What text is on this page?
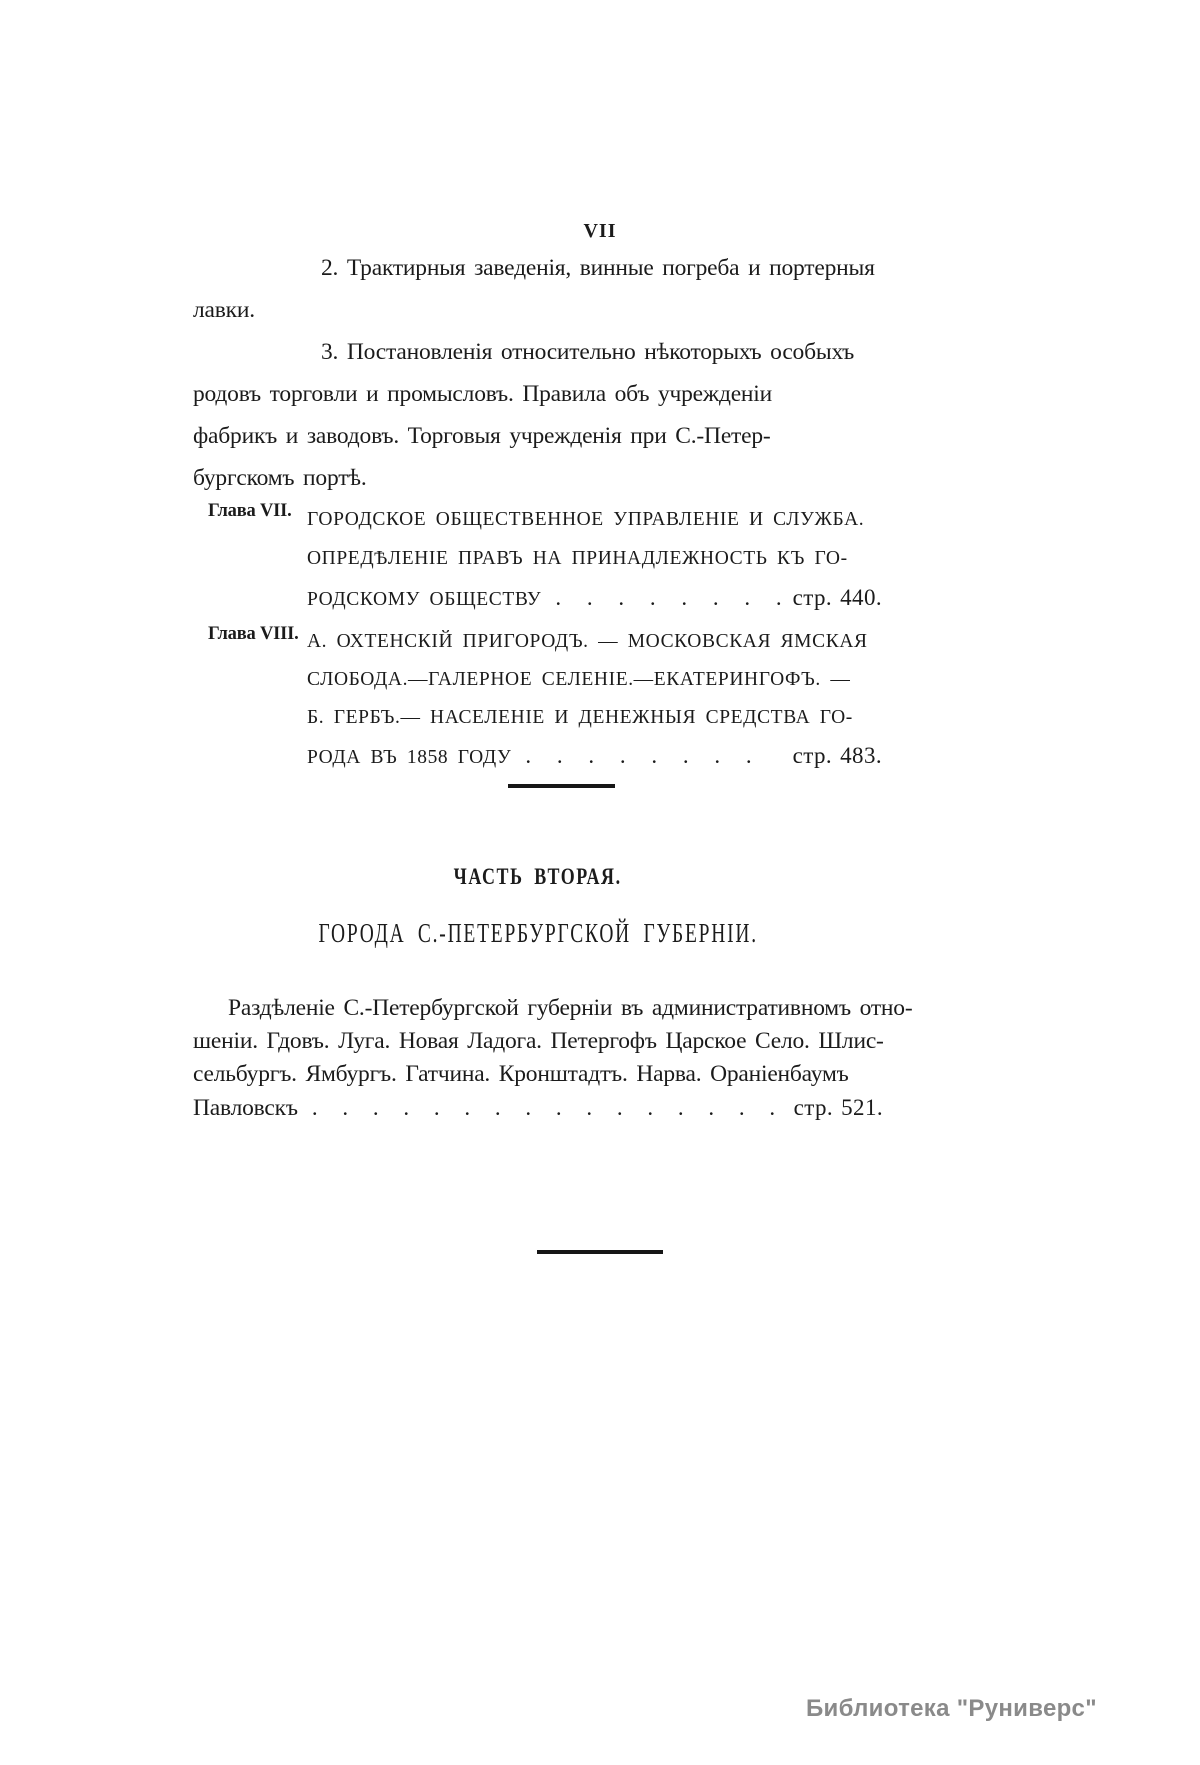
VII
2. Трактирныя заведенія, винные погреба и портерныя
лавки.
3. Постановленія относительно нѣкоторыхъ особыхъ
родовъ торговли и промысловъ. Правила объ учрежденіи
фабрикъ и заводовъ. Торговыя учрежденія при С.-Петер-
бургскомъ портѣ.
Глава VII. ГОРОДСКОЕ ОБЩЕСТВЕННОЕ УПРАВЛЕНІЕ И СЛУЖБА.
ОПРЕДѢЛЕНІЕ ПРАВЪ НА ПРИНАДЛЕЖНОСТЬ КЪ ГО-
РОДСКОМУ ОБЩЕСТВУ . . . . . . . . стр. 440.
Глава VIII. А. ОХТЕНСКІЙ ПРИГОРОДЪ. — МОСКОВСКАЯ ЯМСКАЯ
СЛОБОДА.—ГАЛЕРНОЕ СЕЛЕНІЕ.—ЕКАТЕРИНГОФЪ. —
Б. ГЕРБЪ.— НАСЕЛЕНІЕ И ДЕНЕЖНЫЯ СРЕДСТВА ГО-
РОДА ВЪ 1858 ГОДУ . . . . . . . .	стр. 483.
ЧАСТЬ ВТОРАЯ.
ГОРОДА С.-ПЕТЕРБУРГСКОЙ ГУБЕРНІИ.
Раздѣленіе С.-Петербургской губерніи въ административномъ отно-
шеніи. Гдовъ. Луга. Новая Ладога. Петергофъ Царское Село. Шлис-
сельбургъ. Ямбургъ. Гатчина. Кронштадтъ. Нарва. Ораніенбаумъ
Павловскъ . . . . . . . . . . . . . . . . стр. 521.
Библиотека "Руниверс"
